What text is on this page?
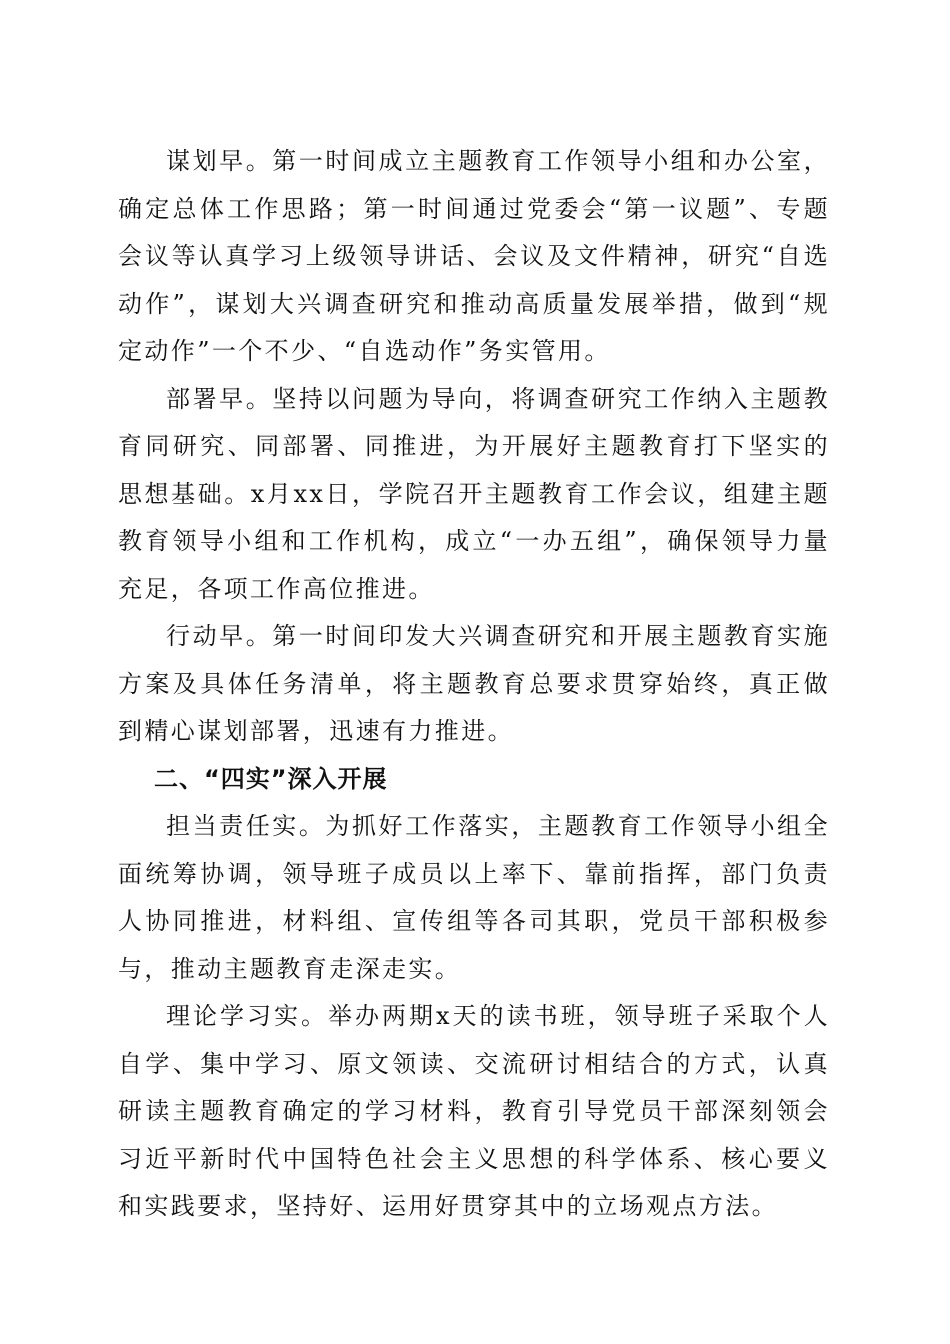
谋划早。第一时间成立主题教育工作领导小组和办公室，确定总体工作思路；第一时间通过党委会“第一议题”、专题会议等认真学习上级领导讲话、会议及文件精神，研究“自选动作”，谋划大兴调查研究和推动高质量发展举措，做到“规定动作”一个不少、“自选动作”务实管用。

部署早。坚持以问题为导向，将调查研究工作纳入主题教育同研究、同部署、同推进，为开展好主题教育打下坚实的思想基础。x月xx日，学院召开主题教育工作会议，组建主题教育领导小组和工作机构，成立“一办五组”，确保领导力量充足，各项工作高位推进。

行动早。第一时间印发大兴调查研究和开展主题教育实施方案及具体任务清单，将主题教育总要求贯穿始终，真正做到精心谋划部署，迅速有力推进。

二、“四实”深入开展

担当责任实。为抓好工作落实，主题教育工作领导小组全面统筹协调，领导班子成员以上率下、靠前指挥，部门负责人协同推进，材料组、宣传组等各司其职，党员干部积极参与，推动主题教育走深走实。

理论学习实。举办两期x天的读书班，领导班子采取个人自学、集中学习、原文领读、交流研讨相结合的方式，认真研读主题教育确定的学习材料，教育引导党员干部深刻领会习近平新时代中国特色社会主义思想的科学体系、核心要义和实践要求，坚持好、运用好贯穿其中的立场观点方法。
